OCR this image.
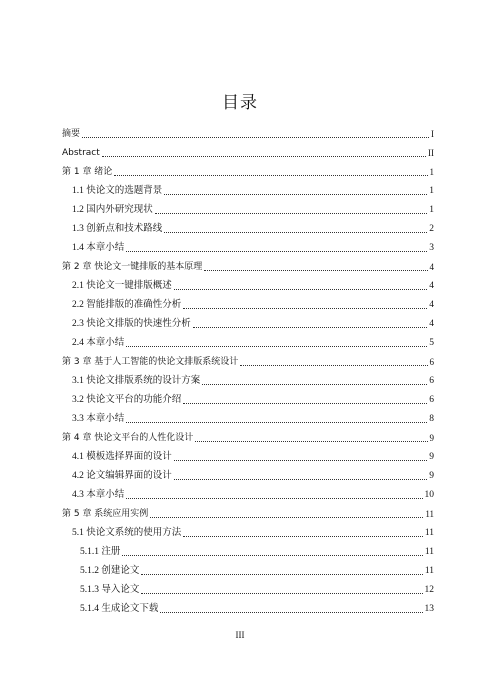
目录
摘要	I
Abstract	II
第 1 章 绪论	1
1.1 快论文的选题背景	1
1.2 国内外研究现状	1
1.3 创新点和技术路线	2
1.4 本章小结	3
第 2 章 快论文一键排版的基本原理	4
2.1 快论文一键排版概述	4
2.2 智能排版的准确性分析	4
2.3 快论文排版的快速性分析	4
2.4 本章小结	5
第 3 章 基于人工智能的快论文排版系统设计	6
3.1 快论文排版系统的设计方案	6
3.2 快论文平台的功能介绍	6
3.3 本章小结	8
第 4 章 快论文平台的人性化设计	9
4.1 模板选择界面的设计	9
4.2 论文编辑界面的设计	9
4.3 本章小结	10
第 5 章 系统应用实例	11
5.1 快论文系统的使用方法	11
5.1.1 注册	11
5.1.2 创建论文	11
5.1.3 导入论文	12
5.1.4 生成论文下载	13
III
